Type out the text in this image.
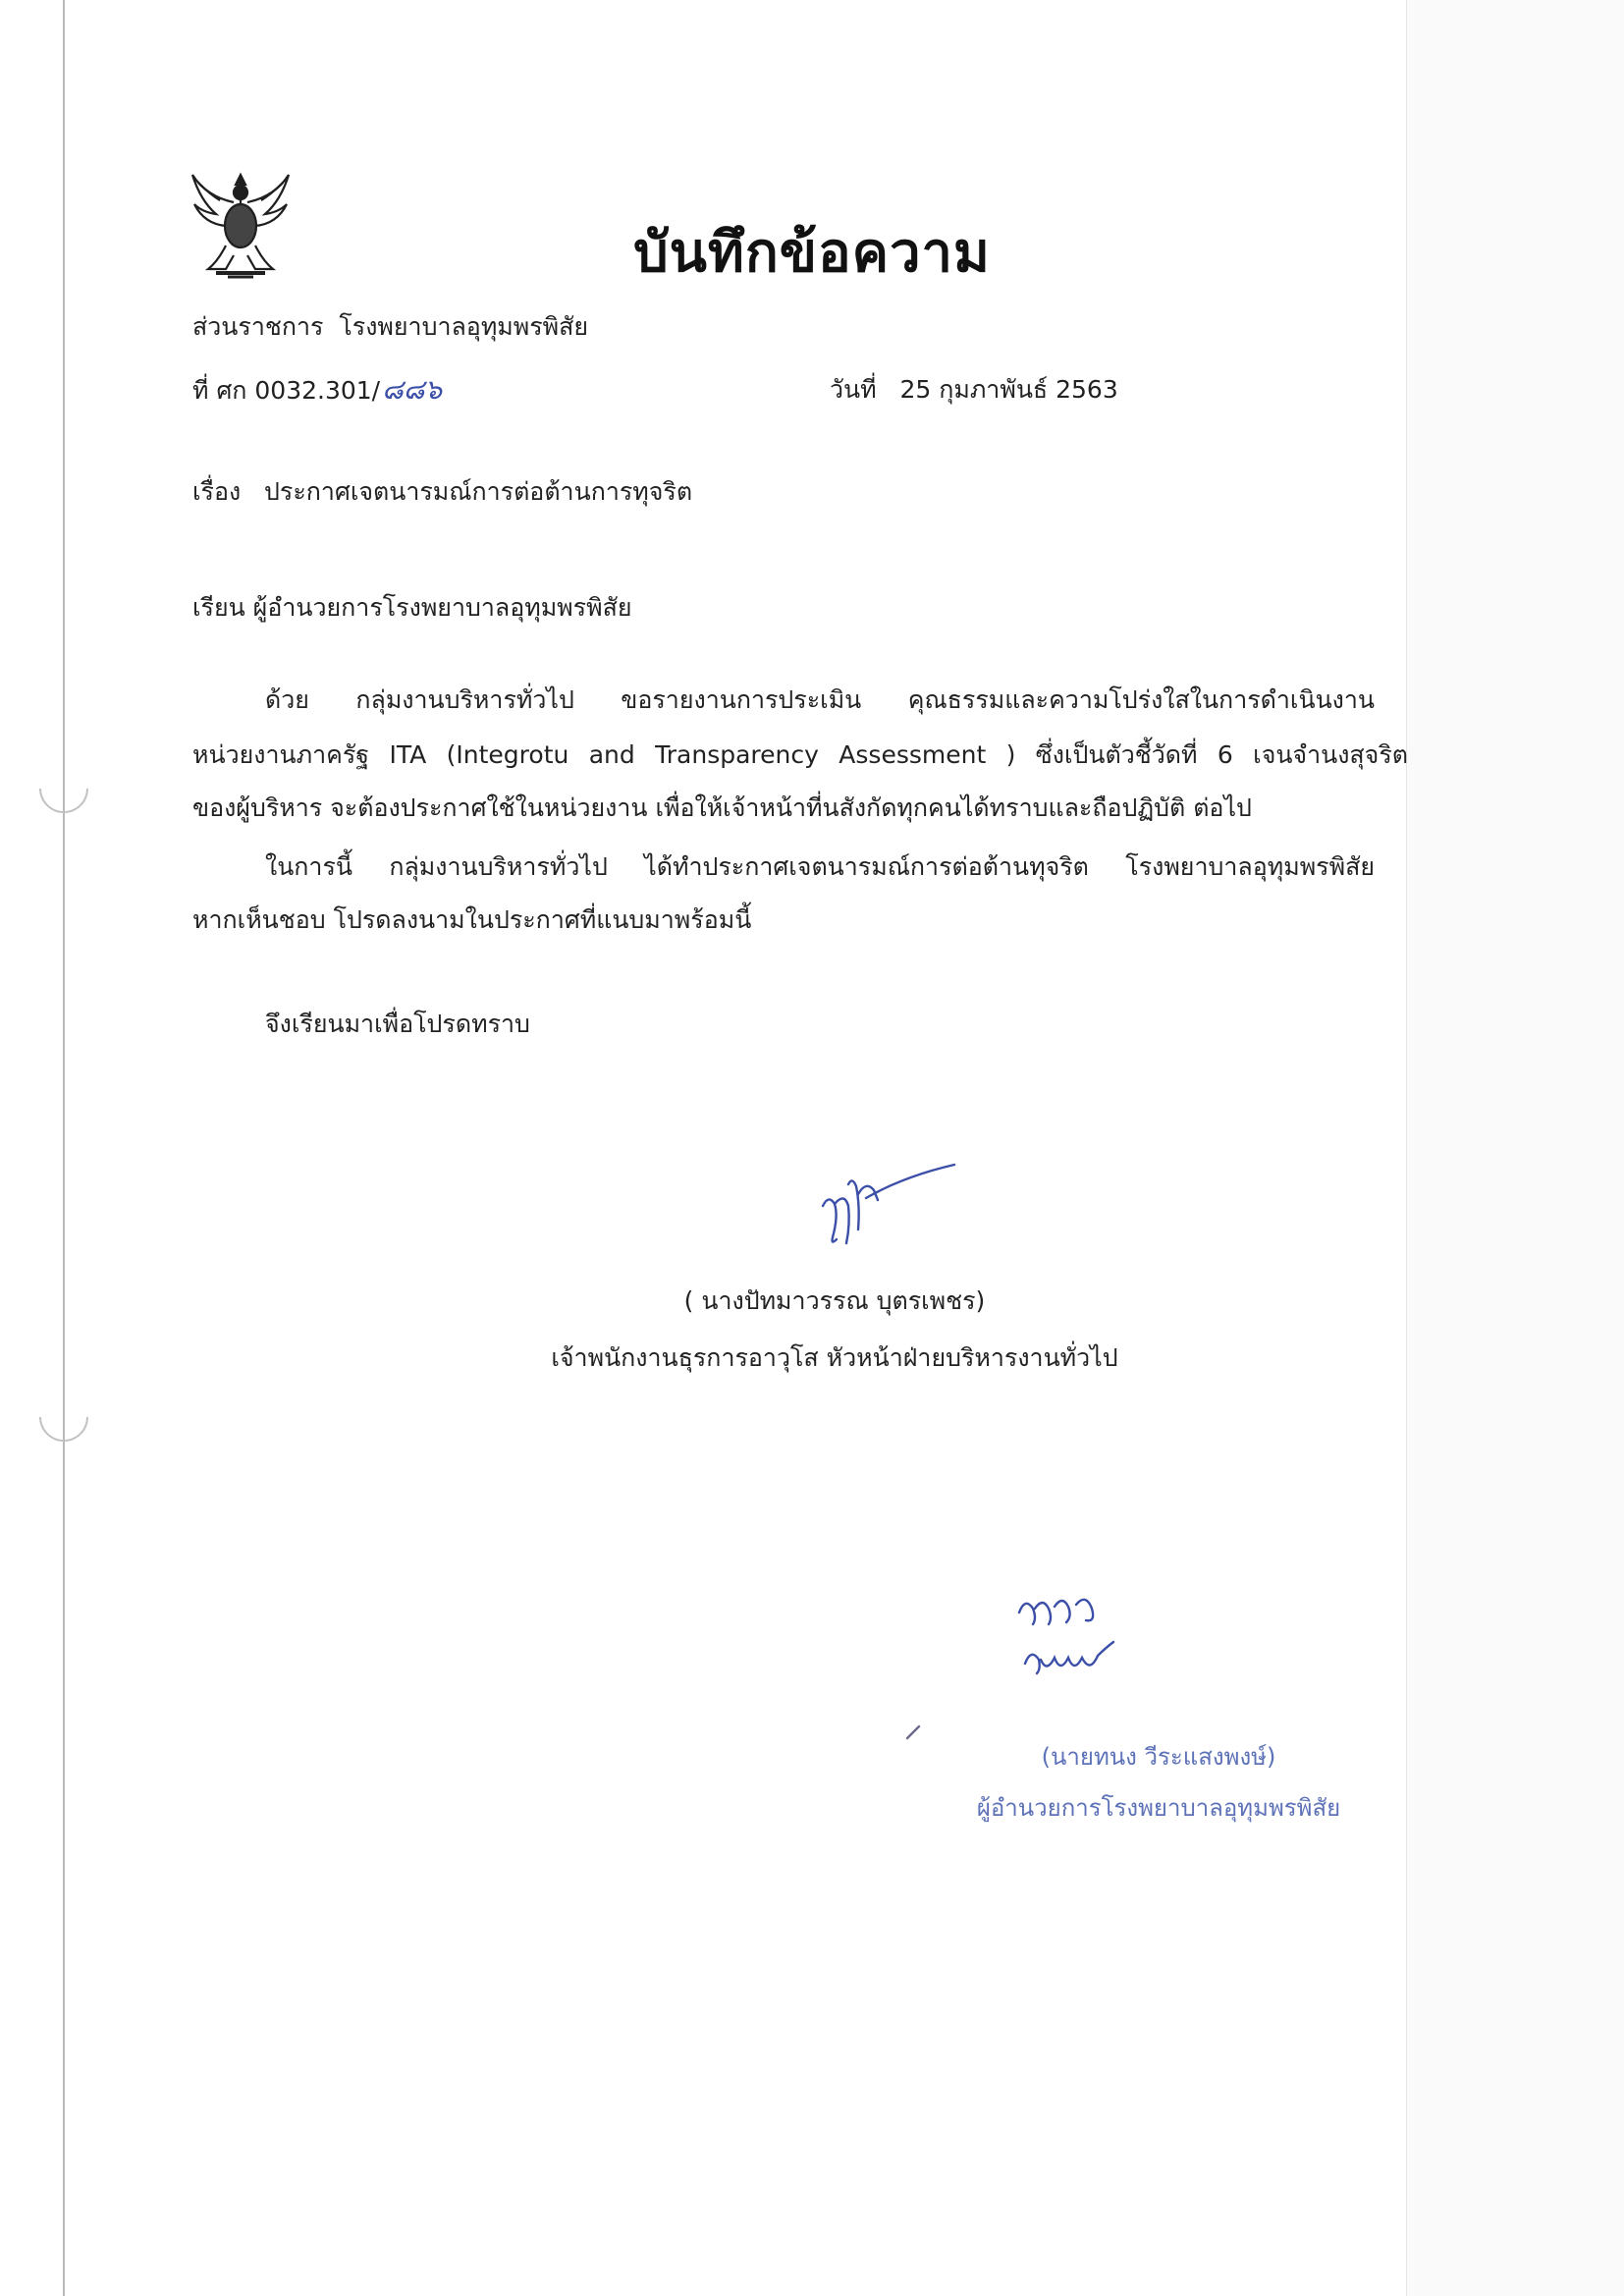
บันทึกข้อความ
ส่วนราชการ โรงพยาบาลอุทุมพรพิสัย
ที่ ศก 0032.301/๘๘๖	วันที่ 25 กุมภาพันธ์ 2563
เรื่อง ประกาศเจตนารมณ์การต่อต้านการทุจริต
เรียน ผู้อำนวยการโรงพยาบาลอุทุมพรพิสัย
ด้วย กลุ่มงานบริหารทั่วไป ขอรายงานการประเมิน คุณธรรมและความโปร่งใสในการดำเนินงาน
หน่วยงานภาครัฐ ITA (Integrotu and Transparency Assessment ) ซึ่งเป็นตัวชี้วัดที่ 6 เจนจำนงสุจริต
ของผู้บริหาร จะต้องประกาศใช้ในหน่วยงาน เพื่อให้เจ้าหน้าที่นสังกัดทุกคนได้ทราบและถือปฏิบัติ ต่อไป
ในการนี้ กลุ่มงานบริหารทั่วไป ได้ทำประกาศเจตนารมณ์การต่อต้านทุจริต โรงพยาบาลอุทุมพรพิสัย
หากเห็นชอบ โปรดลงนามในประกาศที่แนบมาพร้อมนี้
จึงเรียนมาเพื่อโปรดทราบ
( นางปัทมาวรรณ บุตรเพชร)
เจ้าพนักงานธุรการอาวุโส หัวหน้าฝ่ายบริหารงานทั่วไป
(นายทนง วีระแสงพงษ์)
ผู้อำนวยการโรงพยาบาลอุทุมพรพิสัย
